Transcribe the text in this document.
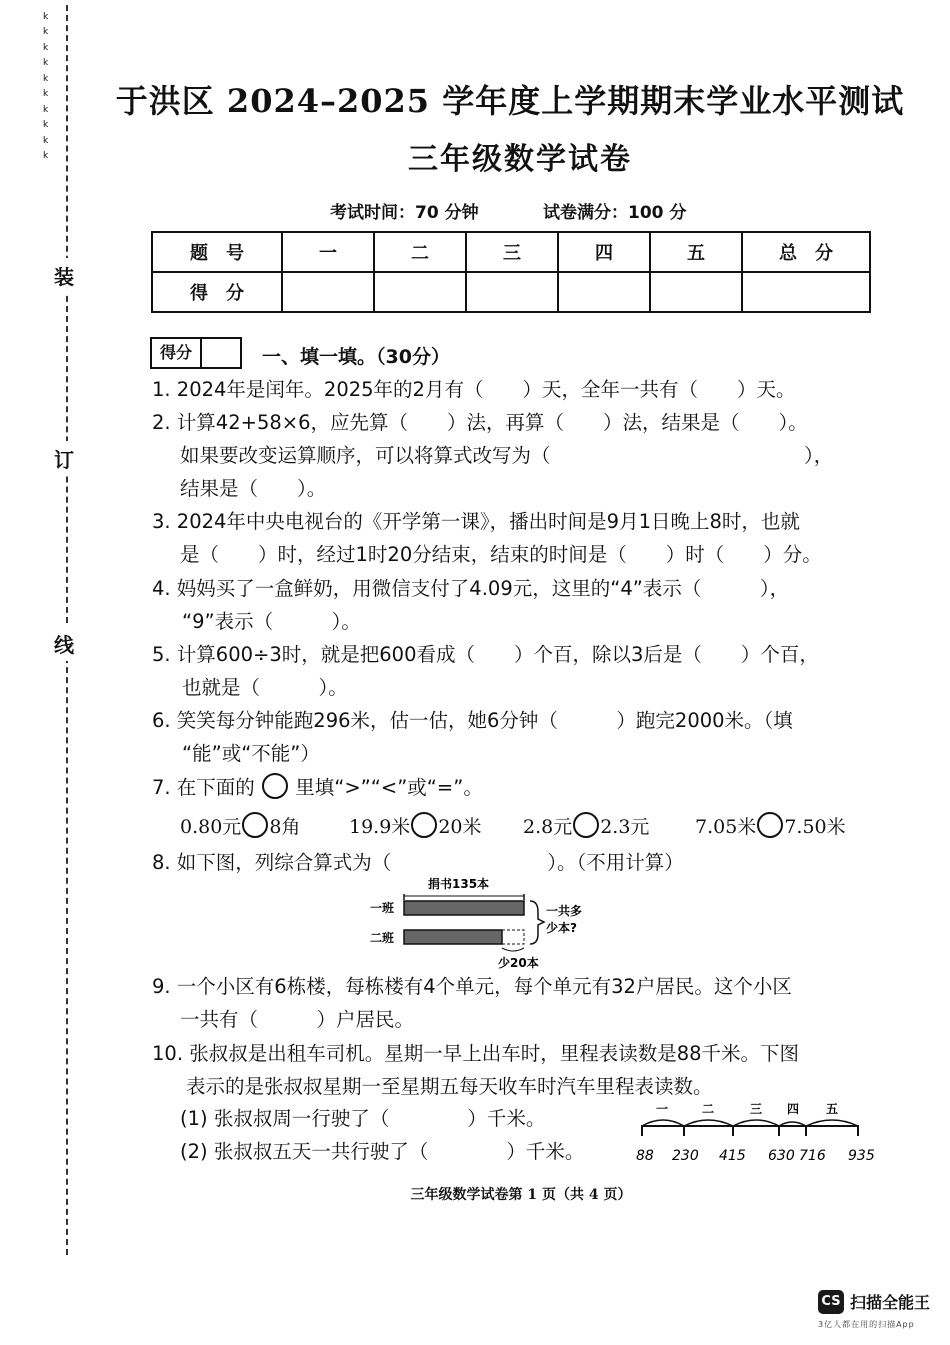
装
订
线
k
k
k
k
k
k
k
k
k
k
于洪区 2024–2025 学年度上学期期末学业水平测试
三年级数学试卷
考试时间：70 分钟	试卷满分：100 分
题　号	一	二	三	四	五	总　分
得　分						
得分	一、填一填。（30分）
1. 2024年是闰年。2025年的2月有（　　）天，全年一共有（　　）天。
2. 计算42+58×6，应先算（　　）法，再算（　　）法，结果是（　　）。
如果要改变运算顺序，可以将算式改写为（　　　　　　　　　　　　　），
结果是（　　）。
3. 2024年中央电视台的《开学第一课》，播出时间是9月1日晚上8时，也就
是（　　）时，经过1时20分结束，结束的时间是（　　）时（　　）分。
4. 妈妈买了一盒鲜奶，用微信支付了4.09元，这里的“4”表示（　　　），
“9”表示（　　　）。
5. 计算600÷3时，就是把600看成（　　）个百，除以3后是（　　）个百，
也就是（　　　）。
6. 笑笑每分钟能跑296米，估一估，她6分钟（　　　）跑完2000米。（填
“能”或“不能”）
7. 在下面的 里填“>”“<”或“=”。
0.80元 8角	19.9米 20米 2.8元 2.3元 7.05米 7.50米
8. 如下图，列综合算式为（　　　　　　　　）。（不用计算）
捐书135本
一班
二班
少20本
一共多
少本?
9. 一个小区有6栋楼，每栋楼有4个单元，每个单元有32户居民。这个小区
一共有（　　　）户居民。
10. 张叔叔是出租车司机。星期一早上出车时，里程表读数是88千米。下图
表示的是张叔叔星期一至星期五每天收车时汽车里程表读数。
(1) 张叔叔周一行驶了（　　　　）千米。
(2) 张叔叔五天一共行驶了（　　　　）千米。
一	二	三 四 五
88 230 415 630 716 935
三年级数学试卷第 1 页（共 4 页）
CS 扫描全能王
3亿人都在用的扫描App
